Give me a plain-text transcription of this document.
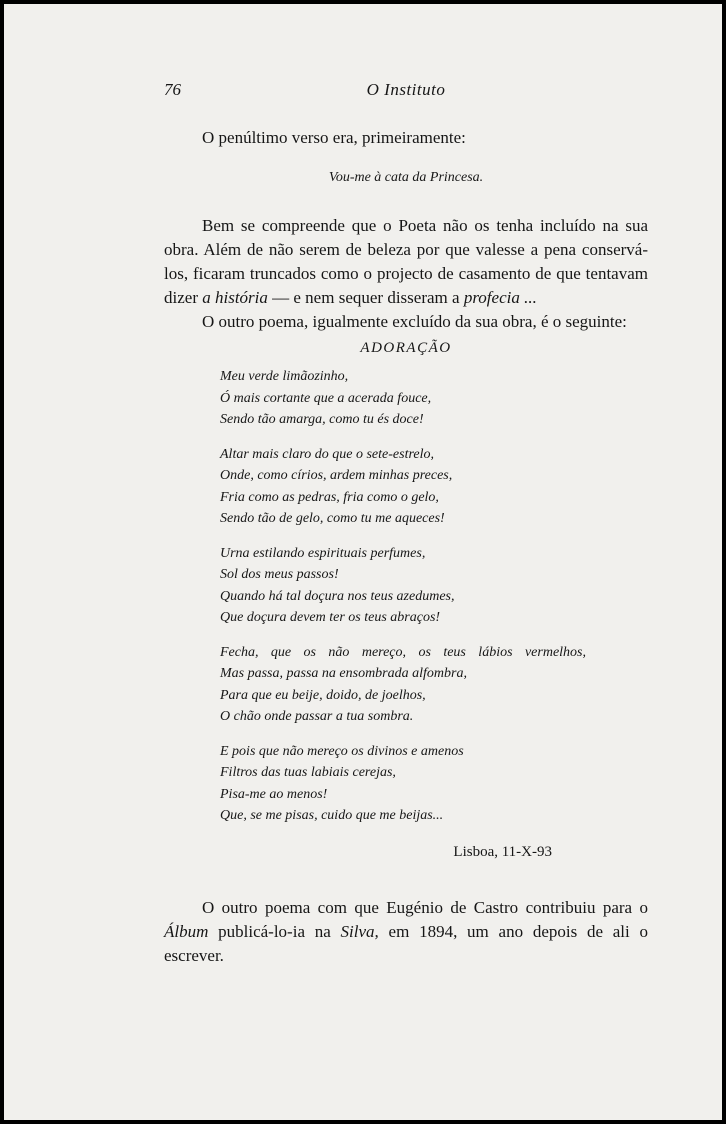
76	O Instituto

O penúltimo verso era, primeiramente:

Vou-me à cata da Princesa.

Bem se compreende que o Poeta não os tenha incluído na sua obra. Além de não serem de beleza por que valesse a pena conservá-los, ficaram truncados como o projecto de casamento de que tentavam dizer a história — e nem sequer disseram a profecia ...

O outro poema, igualmente excluído da sua obra, é o seguinte:

ADORAÇÃO
Meu verde limãozinho,
Ó mais cortante que a acerada fouce,
Sendo tão amarga, como tu és doce!
Altar mais claro do que o sete-estrelo,
Onde, como círios, ardem minhas preces,
Fria como as pedras, fria como o gelo,
Sendo tão de gelo, como tu me aqueces!
Urna estilando espirituais perfumes,
Sol dos meus passos!
Quando há tal doçura nos teus azedumes,
Que doçura devem ter os teus abraços!
Fecha, que os não mereço, os teus lábios vermelhos,
Mas passa, passa na ensombrada alfombra,
Para que eu beije, doido, de joelhos,
O chão onde passar a tua sombra.
E pois que não mereço os divinos e amenos
Filtros das tuas labiais cerejas,
Pisa-me ao menos!
Que, se me pisas, cuido que me beijas...
Lisboa, 11-X-93

O outro poema com que Eugénio de Castro contribuiu para o Álbum publicá-lo-ia na Silva, em 1894, um ano depois de ali o escrever.
